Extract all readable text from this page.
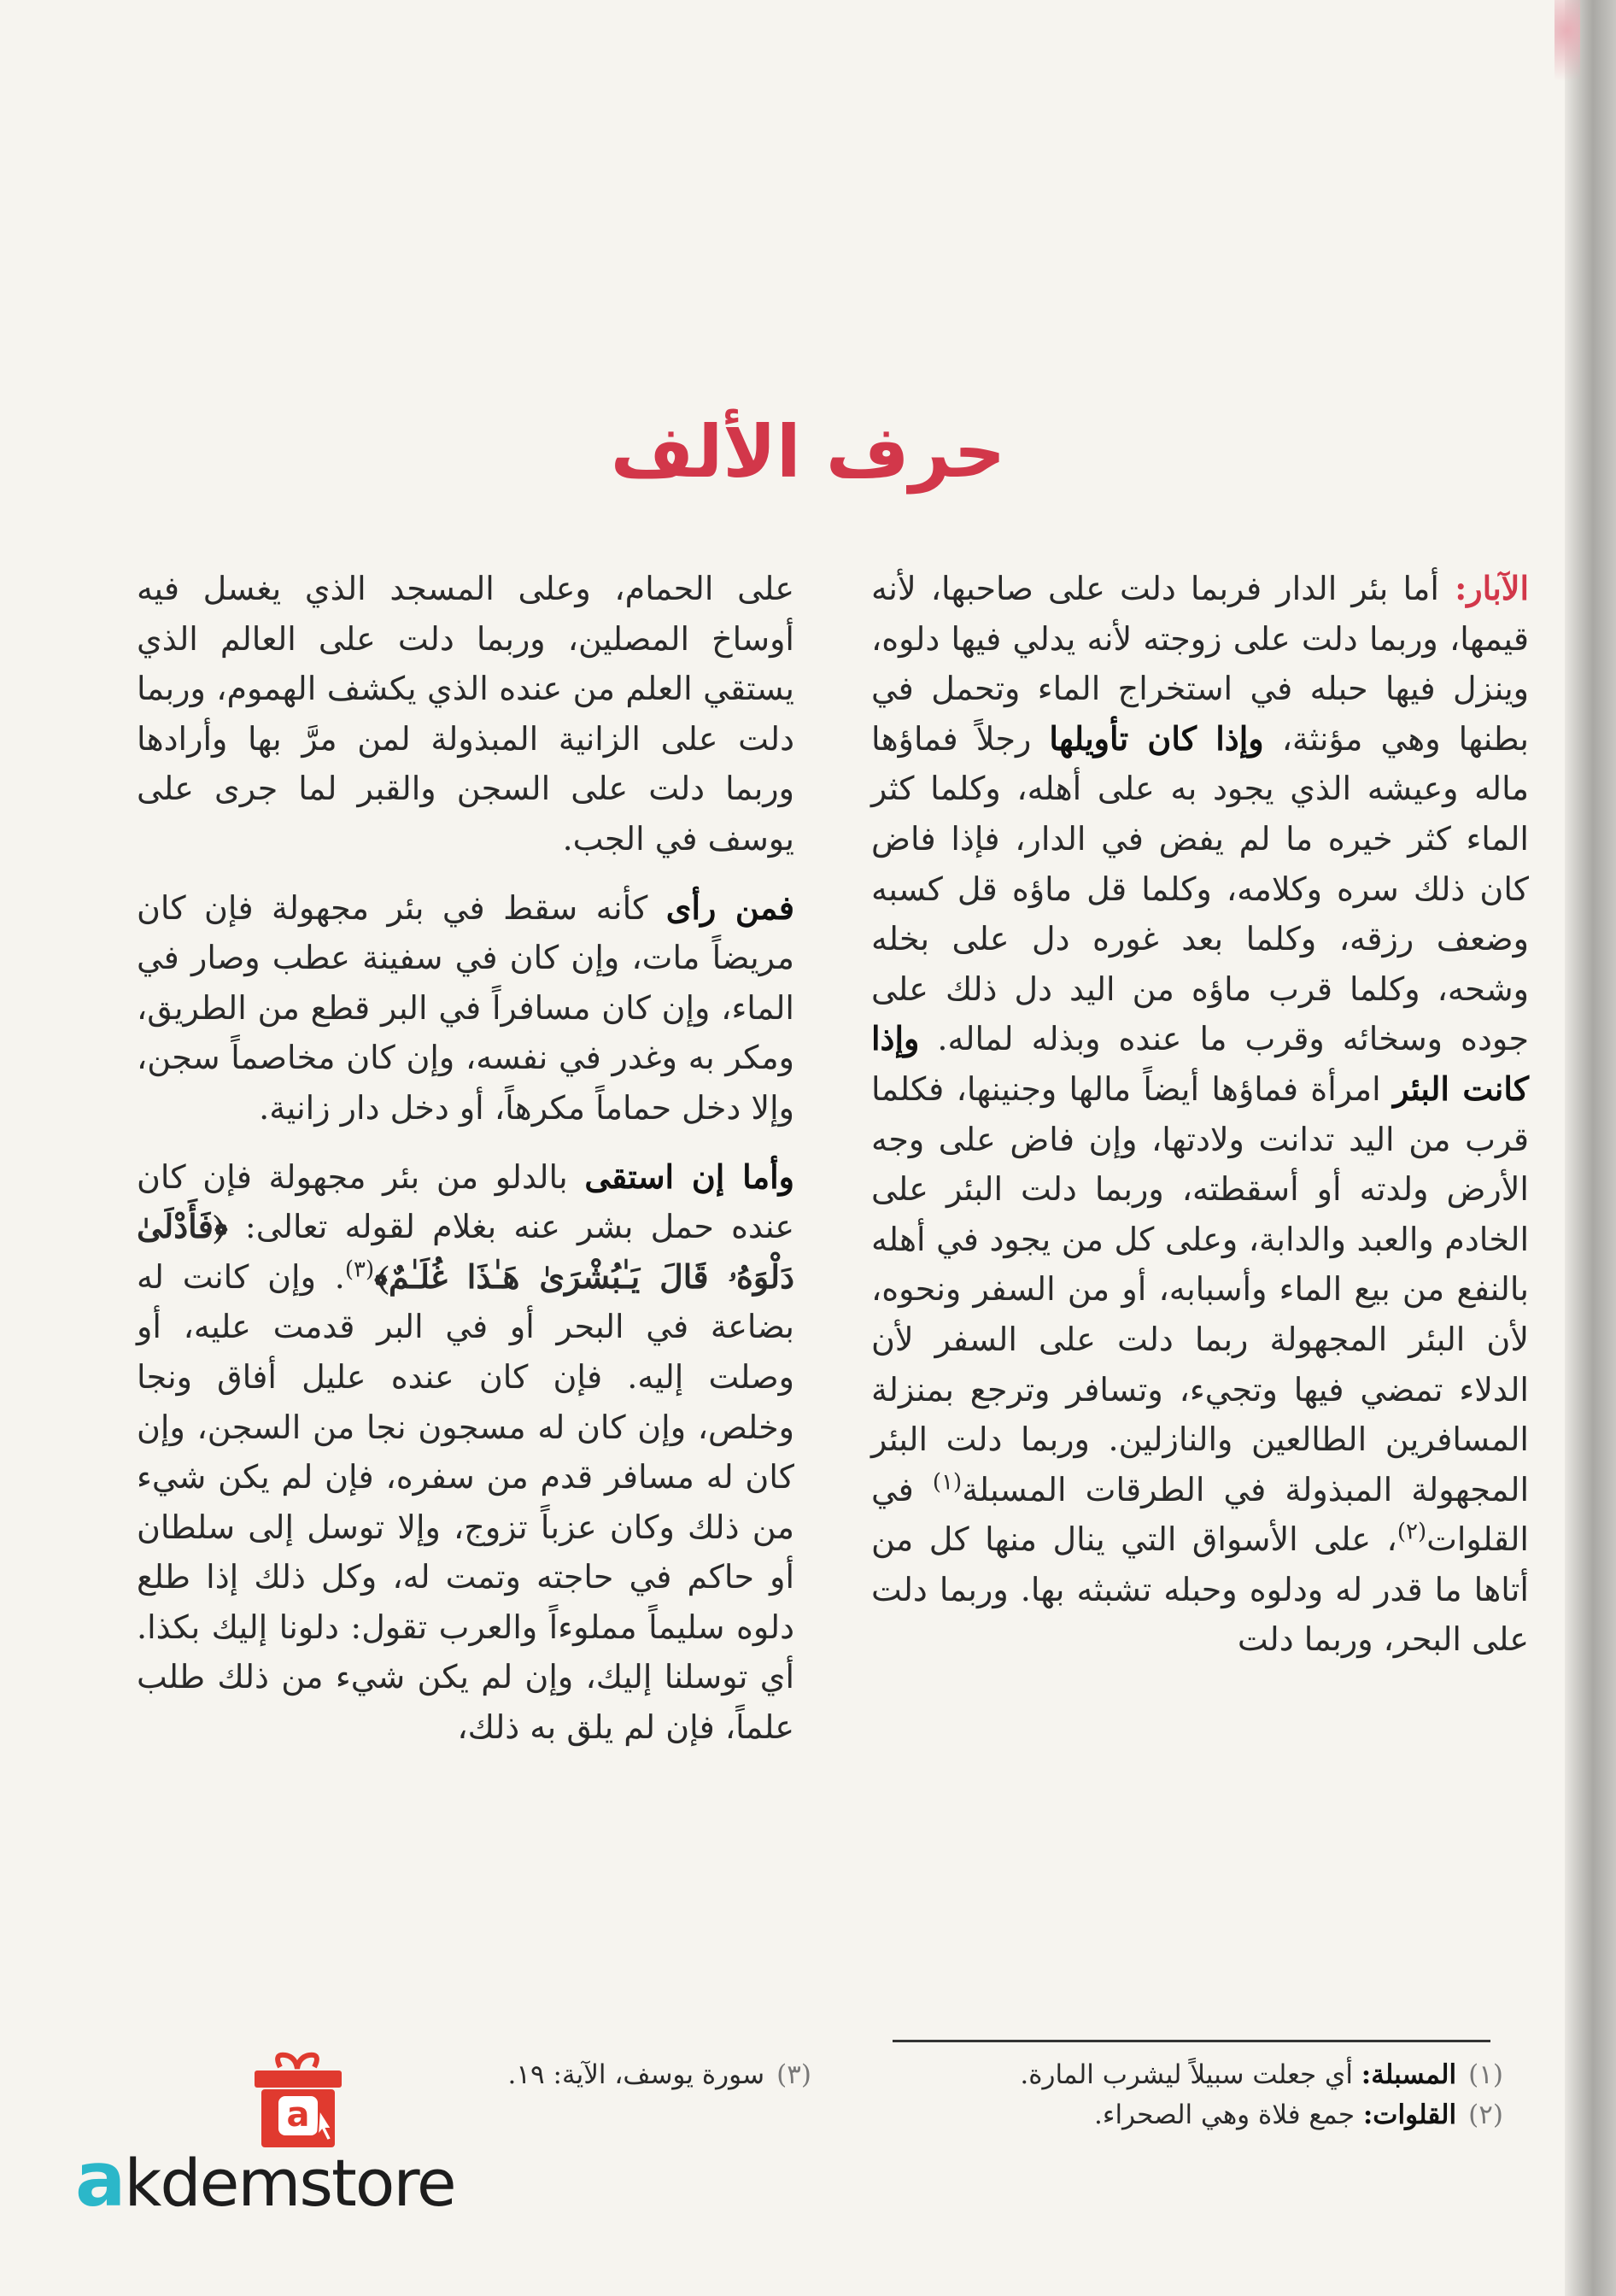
حرف الألف

الآبار: أما بئر الدار فربما دلت على صاحبها، لأنه قيمها، وربما دلت على زوجته لأنه يدلي فيها دلوه، وينزل فيها حبله في استخراج الماء وتحمل في بطنها وهي مؤنثة، وإذا كان تأويلها رجلاً فماؤها ماله وعيشه الذي يجود به على أهله، وكلما كثر الماء كثر خيره ما لم يفض في الدار، فإذا فاض كان ذلك سره وكلامه، وكلما قل ماؤه قل كسبه وضعف رزقه، وكلما بعد غوره دل على بخله وشحه، وكلما قرب ماؤه من اليد دل ذلك على جوده وسخائه وقرب ما عنده وبذله لماله. وإذا كانت البئر امرأة فماؤها أيضاً مالها وجنينها، فكلما قرب من اليد تدانت ولادتها، وإن فاض على وجه الأرض ولدته أو أسقطته، وربما دلت البئر على الخادم والعبد والدابة، وعلى كل من يجود في أهله بالنفع من بيع الماء وأسبابه، أو من السفر ونحوه، لأن البئر المجهولة ربما دلت على السفر لأن الدلاء تمضي فيها وتجيء، وتسافر وترجع بمنزلة المسافرين الطالعين والنازلين. وربما دلت البئر المجهولة المبذولة في الطرقات المسبلة$^{(١)}$ في القلوات$^{(٢)}$، على الأسواق التي ينال منها كل من أتاها ما قدر له ودلوه وحبله تشبثه بها. وربما دلت على البحر، وربما دلت

على الحمام، وعلى المسجد الذي يغسل فيه أوساخ المصلين، وربما دلت على العالم الذي يستقي العلم من عنده الذي يكشف الهموم، وربما دلت على الزانية المبذولة لمن مرَّ بها وأرادها وربما دلت على السجن والقبر لما جرى على يوسف في الجب.

فمن رأى كأنه سقط في بئر مجهولة فإن كان مريضاً مات، وإن كان في سفينة عطب وصار في الماء، وإن كان مسافراً في البر قطع من الطريق، ومكر به وغدر في نفسه، وإن كان مخاصماً سجن، وإلا دخل حماماً مكرهاً، أو دخل دار زانية.

وأما إن استقى بالدلو من بئر مجهولة فإن كان عنده حمل بشر عنه بغلام لقوله تعالى: ﴿فَأَدْلَىٰ دَلْوَهُۥ قَالَ يَـٰبُشْرَىٰ هَـٰذَا غُلَـٰمٌ﴾$^{(٣)}$. وإن كانت له بضاعة في البحر أو في البر قدمت عليه، أو وصلت إليه. فإن كان عنده عليل أفاق ونجا وخلص، وإن كان له مسجون نجا من السجن، وإن كان له مسافر قدم من سفره، فإن لم يكن شيء من ذلك وكان عزباً تزوج، وإلا توسل إلى سلطان أو حاكم في حاجته وتمت له، وكل ذلك إذا طلع دلوه سليماً مملوءاً والعرب تقول: دلونا إليك بكذا. أي توسلنا إليك، وإن لم يكن شيء من ذلك طلب علماً، فإن لم يلق به ذلك،

(١)المسبلة: أي جعلت سبيلاً ليشرب المارة.
(٢)القلوات: جمع فلاة وهي الصحراء.
(٣)سورة يوسف، الآية: ١٩.
a
akdemstore
